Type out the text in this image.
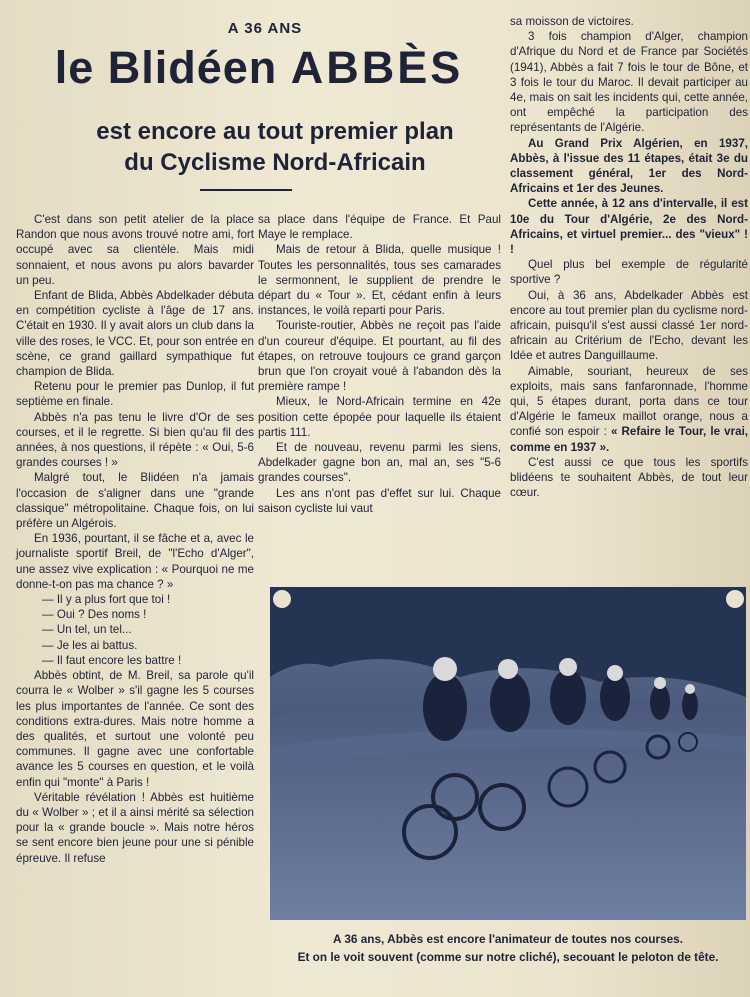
A 36 ANS
le Blidéen ABBÈS
est encore au tout premier plan
du Cyclisme Nord-Africain

C'est dans son petit atelier de la place Randon que nous avons trouvé notre ami, fort occupé avec sa clientèle. Mais midi sonnaient, et nous avons pu alors bavarder un peu.

Enfant de Blida, Abbès Abdelkader débuta en compétition cycliste à l'âge de 17 ans. C'était en 1930. Il y avait alors un club dans la ville des roses, le VCC. Et, pour son entrée en scène, ce grand gaillard sympathique fut champion de Blida.

Retenu pour le premier pas Dunlop, il fut septième en finale.

Abbès n'a pas tenu le livre d'Or de ses courses, et il le regrette. Si bien qu'au fil des années, à nos questions, il répète : « Oui, 5-6 grandes courses ! »

Malgré tout, le Blidéen n'a jamais l'occasion de s'aligner dans une "grande classique" métropolitaine. Chaque fois, on lui préfère un Algérois.

En 1936, pourtant, il se fâche et a, avec le journaliste sportif Breil, de "l'Echo d'Alger", une assez vive explication : « Pourquoi ne me donne-t-on pas ma chance ? »

— Il y a plus fort que toi !

— Oui ? Des noms !

— Un tel, un tel...

— Je les ai battus.

— Il faut encore les battre !

Abbès obtint, de M. Breil, sa parole qu'il courra le « Wolber » s'il gagne les 5 courses les plus importantes de l'année. Ce sont des conditions extra-dures. Mais notre homme a des qualités, et surtout une volonté peu communes. Il gagne avec une confortable avance les 5 courses en question, et le voilà enfin qui "monte" à Paris !

Véritable révélation ! Abbès est huitième du « Wolber » ; et il a ainsi mérité sa sélection pour la « grande boucle ». Mais notre héros se sent encore bien jeune pour une si pénible épreuve. Il refuse

sa place dans l'équipe de France. Et Paul Maye le remplace.

Mais de retour à Blida, quelle musique ! Toutes les personnalités, tous ses camarades le sermonnent, le supplient de prendre le départ du « Tour ». Et, cédant enfin à leurs instances, le voilà reparti pour Paris.

Touriste-routier, Abbès ne reçoit pas l'aide d'un coureur d'équipe. Et pourtant, au fil des étapes, on retrouve toujours ce grand garçon brun que l'on croyait voué à l'abandon dès la première rampe !

Mieux, le Nord-Africain termine en 42e position cette épopée pour laquelle ils étaient partis 111.

Et de nouveau, revenu parmi les siens, Abdelkader gagne bon an, mal an, ses "5-6 grandes courses".

Les ans n'ont pas d'effet sur lui. Chaque saison cycliste lui vaut

sa moisson de victoires.

3 fois champion d'Alger, champion d'Afrique du Nord et de France par Sociétés (1941), Abbès a fait 7 fois le tour de Bône, et 3 fois le tour du Maroc. Il devait participer au 4e, mais on sait les incidents qui, cette année, ont empêché la participation des représentants de l'Algérie.

Au Grand Prix Algérien, en 1937, Abbès, à l'issue des 11 étapes, était 3e du classement général, 1er des Nord-Africains et 1er des Jeunes.

Cette année, à 12 ans d'intervalle, il est 10e du Tour d'Algérie, 2e des Nord-Africains, et virtuel premier... des "vieux" ! !

Quel plus bel exemple de régularité sportive ?

Oui, à 36 ans, Abdelkader Abbès est encore au tout premier plan du cyclisme nord-africain, puisqu'il s'est aussi classé 1er nord-africain au Critérium de l'Echo, devant les Idée et autres Danguillaume.

Aimable, souriant, heureux de ses exploits, mais sans fanfaronnade, l'homme qui, 5 étapes durant, porta dans ce tour d'Algérie le fameux maillot orange, nous a confié son espoir : « Refaire le Tour, le vrai, comme en 1937 ».

C'est aussi ce que tous les sportifs blidéens te souhaitent Abbès, de tout leur cœur.

A 36 ans, Abbès est encore l'animateur de toutes nos courses.
Et on le voit souvent (comme sur notre cliché), secouant le peloton de tête.
